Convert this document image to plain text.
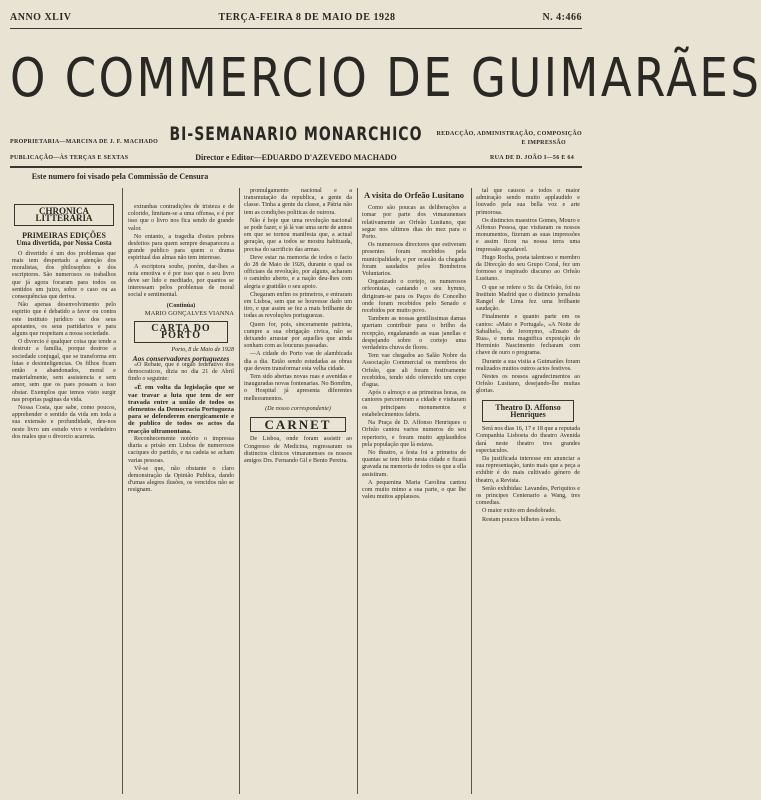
ANNO XLIV	TERÇA-FEIRA 8 DE MAIO DE 1928	N. 4:466
O COMMERCIO DE GUIMARÃES
BI-SEMANARIO MONARCHICO
PROPRIETARIA—MARCINA DE J. F. MACHADO
PUBLICAÇÃO—ÀS TERÇAS E SEXTAS
REDACÇÃO, ADMINISTRAÇÃO, COMPOSIÇÃO
E IMPRESSÃO
RUA DE D. JOÃO I—56 E 64
Director e Editor—EDUARDO D'AZEVEDO MACHADO
Este numero foi visado pela Commissão de Censura
CHRONICA LITTERARIA
PRIMEIRAS EDIÇÕES
Uma divertida, por Nossa Costa

O divertido é um dos problemas que mais tem despertado a atenção dos moralistas, dos philosophos e dos escriptores. São numerosos os trabalhos que já agora focaram para todos os sentidos um juizo, sobre o caso ou as consequências que deriva.

Não apenas desenvolvimento pelo espirito que é debatido a favor ou contra este instituto jurídico ou dos seus apoiantes, os seus partidarios e para alguns que respeitam a nossa sociedade.

O divorcio é qualquer coisa que tende a destruir a familia, porque destroe a sociedade conjugal, que se transforma em lutas e desinteligencias. Os filhos ficam então e abandonados, moral e materialmente, sem assistencia e sem amor, sem que os paes possam a isso obstar. Exemplos que temos visto surgir nas proprias paginas da vida.

Nossa Costa, que sabe, como poucos, apprehender o sentido da vida em toda a sua extensão e profundidade, deu-nos neste livro um estudo vivo e verdadeiro dos males que o divorcio acarreta.

extranhas contradições de tristeza e de colorido, limitam-se a uma offensa, e é por isso que o livro nos fica sendo de grande valor.

No entanto, a tragedia d'estes pobres desfeitos para quem sempre desapareceu a grande publico para quem o drama espiritual das almas não tem interesse.

A escriptora soube, porém, dar-lhes a nota emotiva e é por isso que o seu livro deve ser lido e meditado, por quantos se interessam pelos problemas de moral social e sentimental.

(Continúa)
MARIO GONÇALVES VIANNA
CARTA DO PORTO
Porto, 8 de Maio de 1928
Aos conservadores portuguezes

«O Rebate, que é orgão federativo dos democraticos, dizia no dia 21 de Abril findo o seguinte:

«É em volta da legislação que se vae travar a luta que tem de ser travada entre a união de todos os elementos da Democracia Portugueza para se defenderem energicamente e de publico de todos os actos da reacção ultramontana.

Reconhecemente notório o impressa diaria a prisão em Lisboa de numerosos caciques do partido, e na cadeia se acham varias pessoas.

Vê-se que, não obstante o claro demonstração da Opinião Publica, dando d'umas alegres ilusões, os vencidos não se resignam.

promulgamento nacional e a transmutação da republica, a gente da classe. Tinha a gente da classe, a Pátria não tem as condições politicas de outrora.

Não é hoje que uma revolução nacional se pode fazer, e já lá vae uma serie de annos em que se tornou manifesta que, a actual geração, que a todos se mostra habituada, precisa do sacrificio das armas.

Deve estar na memoria de todos o facto do 28 de Maio de 1926, durante o qual os officiaes da revolução, por alguns, acharam o caminho aberto, e a nação deu-lhes com alegria e gratidão o seu apoio.

Chegaram enfim os primeiros, e entraram em Lisboa, sem que se houvesse dado um tiro, e que assim se fez a mais brilhante de todas as revoluções portuguezas.

Quem for, pois, sinceramente patriota, cumpre a sua obrigação civica, não se deixando arrastar por aquelles que ainda sonham com as loucuras passadas.

—A cidade do Porto vae de alambicada dia a dia. Estão sendo estudadas as obras que devem transformar esta velha cidade.

Tem sido abertas novas ruas e avenidas e inauguradas novas fontenarias. No Bomfim, o Hospital já apresenta diferentes melhoramentos.

(De nosso correspondente)
CARNET

De Lisboa, onde foram assistir ao Congresso de Medicina, regressaram os distinctos clinicos vimaranenses os nossos amigos Drs. Fernando Gil e Bento Pereira.

A visita do Orfeão Lusitano

Como são poucas as deliberações a tomar por parte dos vimaranenses relativamente ao Orfeão Lusitano, que segue nos ultimos dias do mez para o Porto.

Os numerosos directores que estiveram presentes foram recebidos pela municipalidade, e por ocasião da chegada foram saudados pelos Bombeiros Voluntarios.

Organizado o cortejo, os numerosos orfeonistas, cantando o seu hymno, dirigiram-se para os Paços do Concelho onde foram recebidos pelo Senado e recebidos por muito povo.

Tambem as nossas gentilissimas damas queriam contribuir para o brilho da recepção, engalanando as suas janellas e despejando sobre o cortejo uma verdadeira chuva de flores.

Tem vae chegados ao Salão Nobre da Associação Commercial os membros do Orfeão, que ali foram festivamente recebidos, tendo sido oferecido um copo d'agua.

Após o almoço e as primeiras horas, os cantores percorreram a cidade e visitaram os principaes monumentos e estabelecimentos fabris.

Na Praça de D. Affonso Henriques o Orfeão cantou varios numeros do seu repertorio, e foram muito applaudidos pela população que lá estava.

No theatro, a festa foi a primeira de quantas se tem feito nesta cidade e ficará gravada na memoria de todos os que a ella assistiram.

A pequenina Maria Carolina cantou com muito mimo a sua parte, o que lhe valeu muitos applausos.

tal que causou a todos o maior admiração sendo muito applaudido e louvado pela sua bella voz e arte primorosa.

Os distinctos maestros Gomes, Mouro e Affonso Pessoa, que visitaram os nossos monumentos, fizeram as suas impressões e assim ficou na nossa terra uma impressão agradavel.

Hugo Rocha, poeta talentoso e membro da Direcção do seu Grupo Coral, fez um formoso e inspirado discurso ao Orfeão Lusitano.

O que se refere o Sr. da Orfeão, foi no Instituto Madrid que o distincto jornalista Rangel de Lima fez uma brilhante saudação.

Finalmente e quanto parte em os cantos: «Maio e Portugal», «A Noite de Sabalhel», de Jeronymo, «Ensaio de Rua», e numa magnifica exposição do Hermínio Nascimento fecharam com chave de ouro o programa.

Durante a sua visita a Guimarães foram realizados muitos outros actos festivos.

Nestes os nossos agradecimentos ao Orfeão Lusitano, desejando-lhe muitas glorias.

Theatro D. Affonso Henriques

Será nos dias 16, 17 e 18 que a reputada Companhia Lisboeta do theatro Avenida dará neste theatro tres grandes espectaculos.

Da justificada interesse em anunciar a sua representação, tanto mais que a peça a exhibir é do mais cultivado género de theatro, a Revista.

Serão exhibidas: Lavandes, Periquitos e os principes Centenario a Wang, tres comedias.

O maior exito em desdobrado.

Restam poucos bilhetes à venda.
